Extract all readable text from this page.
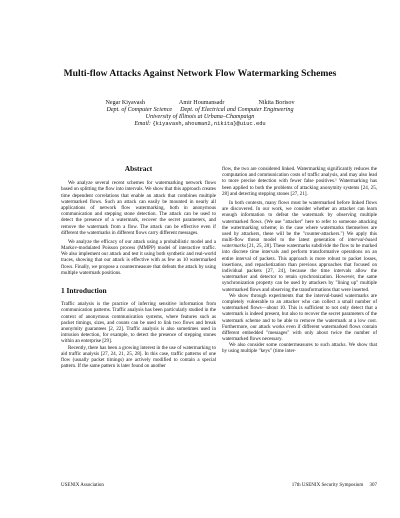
Multi-flow Attacks Against Network Flow Watermarking Schemes
Negar Kiyavash	Amir Houmansadr	Nikita Borisov
Dept. of Computer Science Dept. of Electrical and Computer Engineering
University of Illinois at Urbana–Champaign
Email: {kiyavash,ahouman2,nikita}@uiuc.edu
Abstract

We analyze several recent schemes for watermarking network flows based on splitting the flow into intervals. We show that this approach creates time dependent correlations that enable an attack that combines multiple watermarked flows. Such an attack can easily be mounted in nearly all applications of network flow watermarking, both in anonymous communication and stepping stone detection. The attack can be used to detect the presence of a watermark, recover the secret parameters, and remove the watermark from a flow. The attack can be effective even if different the watermarks in different flows carry different messages.

We analyze the efficacy of our attack using a probabilistic model and a Markov-modulated Poisson process (MMPP) model of interactive traffic. We also implement our attack and test it using both synthetic and real-world traces, showing that our attack is effective with as few as 10 watermarked flows. Finally, we propose a countermeasure that defeats the attack by using multiple watermark positions.

1 Introduction

Traffic analysis is the practice of inferring sensitive information from communication patterns. Traffic analysis has been particularly studied in the context of anonymous communication systems, where features such as packet timings, sizes, and counts can be used to link two flows and break anonymity guarantees [2, 22]. Traffic analysis is also sometimes used in intrusion detection, for example, to detect the presence of stepping stones within an enterprise [29].

Recently, there has been a growing interest in the use of watermarking to aid traffic analysis [27, 24, 21, 25, 28]. In this case, traffic patterns of one flow (usually packet timings) are actively modified to contain a special pattern. If the same pattern is later found on another

flow, the two are considered linked. Watermarking significantly reduces the computation and communication costs of traffic analysis, and may also lead to more precise detection with fewer false positives.¹ Watermarking has been applied to both the problems of attacking anonymity systems [24, 25, 28] and detecting stepping stones [27, 21].

In both contexts, many flows must be watermarked before linked flows are discovered. In our work, we consider whether an attacker can learn enough information to defeat the watermark by observing multiple watermarked flows. (We use "attacker" here to refer to someone attacking the watermarking scheme; in the case where watermarks themselves are used by attackers, these will be the "counter-attackers.") We apply this multi-flow threat model to the latest generation of interval-based watermarks [21, 25, 28]. These watermarks subdivide the flow to be marked into discrete time intervals and perform transformative operations on an entire interval of packets. This approach is more robust to packet losses, insertions, and repacketization than previous approaches that focused on individual packets [27, 24], because the time intervals allow the watermarker and detector to retain synchronization. However, the same synchronization property can be used by attackers by "lining up" multiple watermarked flows and observing the transformations that were inserted.

We show through experiments that the interval-based watermarks are completely vulnerable to an attacker who can collect a small number of watermarked flows—about 10. This is sufficient to not only detect that a watermark is indeed present, but also to recover the secret parameters of the watermark scheme and to be able to remove the watermark at a low cost. Furthermore, our attack works even if different watermarked flows contain different embedded "messages" with only about twice the number of watermarked flows necessary.

We also consider some countermeasures to such attacks. We show that by using multiple "keys" (time inter-

USENIX Association	17th USENIX Security Symposium     307
